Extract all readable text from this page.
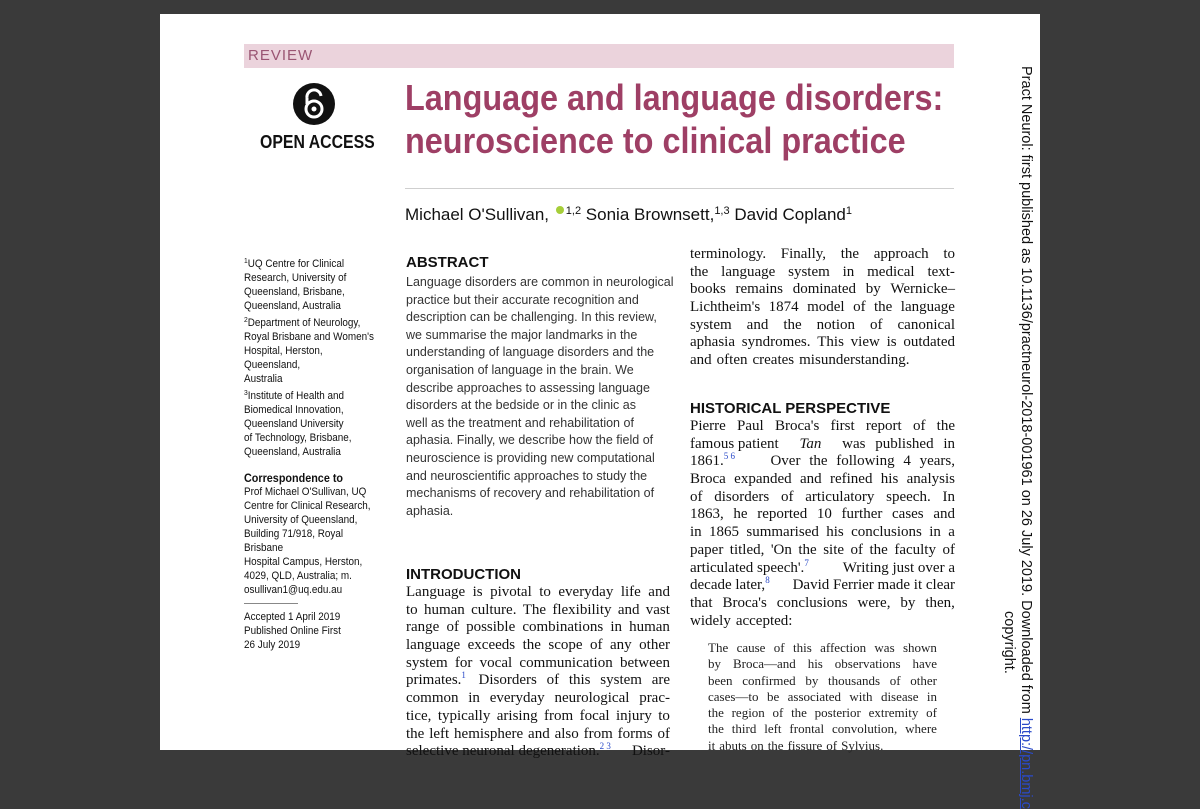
REVIEW
OPEN ACCESS
Language and language disorders:
neuroscience to clinical practice
Michael O'Sullivan, $^{1,2}$ Sonia Brownsett,$^{1,3}$ David Copland$^1$

$^1$UQ Centre for Clinical

Research, University of

Queensland, Brisbane,

Queensland, Australia

$^2$Department of Neurology,

Royal Brisbane and Women's

Hospital, Herston, Queensland,

Australia

$^3$Institute of Health and

Biomedical Innovation,

Queensland University

of Technology, Brisbane,

Queensland, Australia

Correspondence to

Prof Michael O'Sullivan, UQ

Centre for Clinical Research,

University of Queensland,

Building 71/918, Royal Brisbane

Hospital Campus, Herston,

4029, QLD, Australia; m.

osullivan1@uq.edu.au

Accepted 1 April 2019

Published Online First

26 July 2019

ABSTRACT
Language disorders are common in neurological
practice but their accurate recognition and
description can be challenging. In this review,
we summarise the major landmarks in the
understanding of language disorders and the
organisation of language in the brain. We
describe approaches to assessing language
disorders at the bedside or in the clinic as
well as the treatment and rehabilitation of
aphasia. Finally, we describe how the field of
neuroscience is providing new computational
and neuroscientific approaches to study the
mechanisms of recovery and rehabilitation of
aphasia.
INTRODUCTION
Language is pivotal to everyday life and
to human culture. The flexibility and vast
range of possible combinations in human
language exceeds the scope of any other
system for vocal communication between
primates.$^1$ Disorders of this system are
common in everyday neurological prac-
tice, typically arising from focal injury to
the left hemisphere and also from forms of
selective neuronal degeneration.$^{2 3}$ Disor-
terminology. Finally, the approach to
the language system in medical text-
books remains dominated by Wernicke–
Lichtheim's 1874 model of the language
system and the notion of canonical
aphasia syndromes. This view is outdated
and often creates misunderstanding.
HISTORICAL PERSPECTIVE
Pierre Paul Broca's first report of the
famous patient Tan was published in
1861.$^{5 6}$ Over the following 4 years,
Broca expanded and refined his analysis
of disorders of articulatory speech. In
1863, he reported 10 further cases and
in 1865 summarised his conclusions in a
paper titled, 'On the site of the faculty of
articulated speech'.$^7$ Writing just over a
decade later,$^8$ David Ferrier made it clear
that Broca's conclusions were, by then,
widely accepted:
The cause of this affection was shown
by Broca—and his observations have
been confirmed by thousands of other
cases—to be associated with disease in
the region of the posterior extremity of
the third left frontal convolution, where
it abuts on the fissure of Sylvius.
Pract Neurol: first published as 10.1136/practneurol-2018-001961 on 26 July 2019. Downloaded from http://pn.bmj.c
copyright.
